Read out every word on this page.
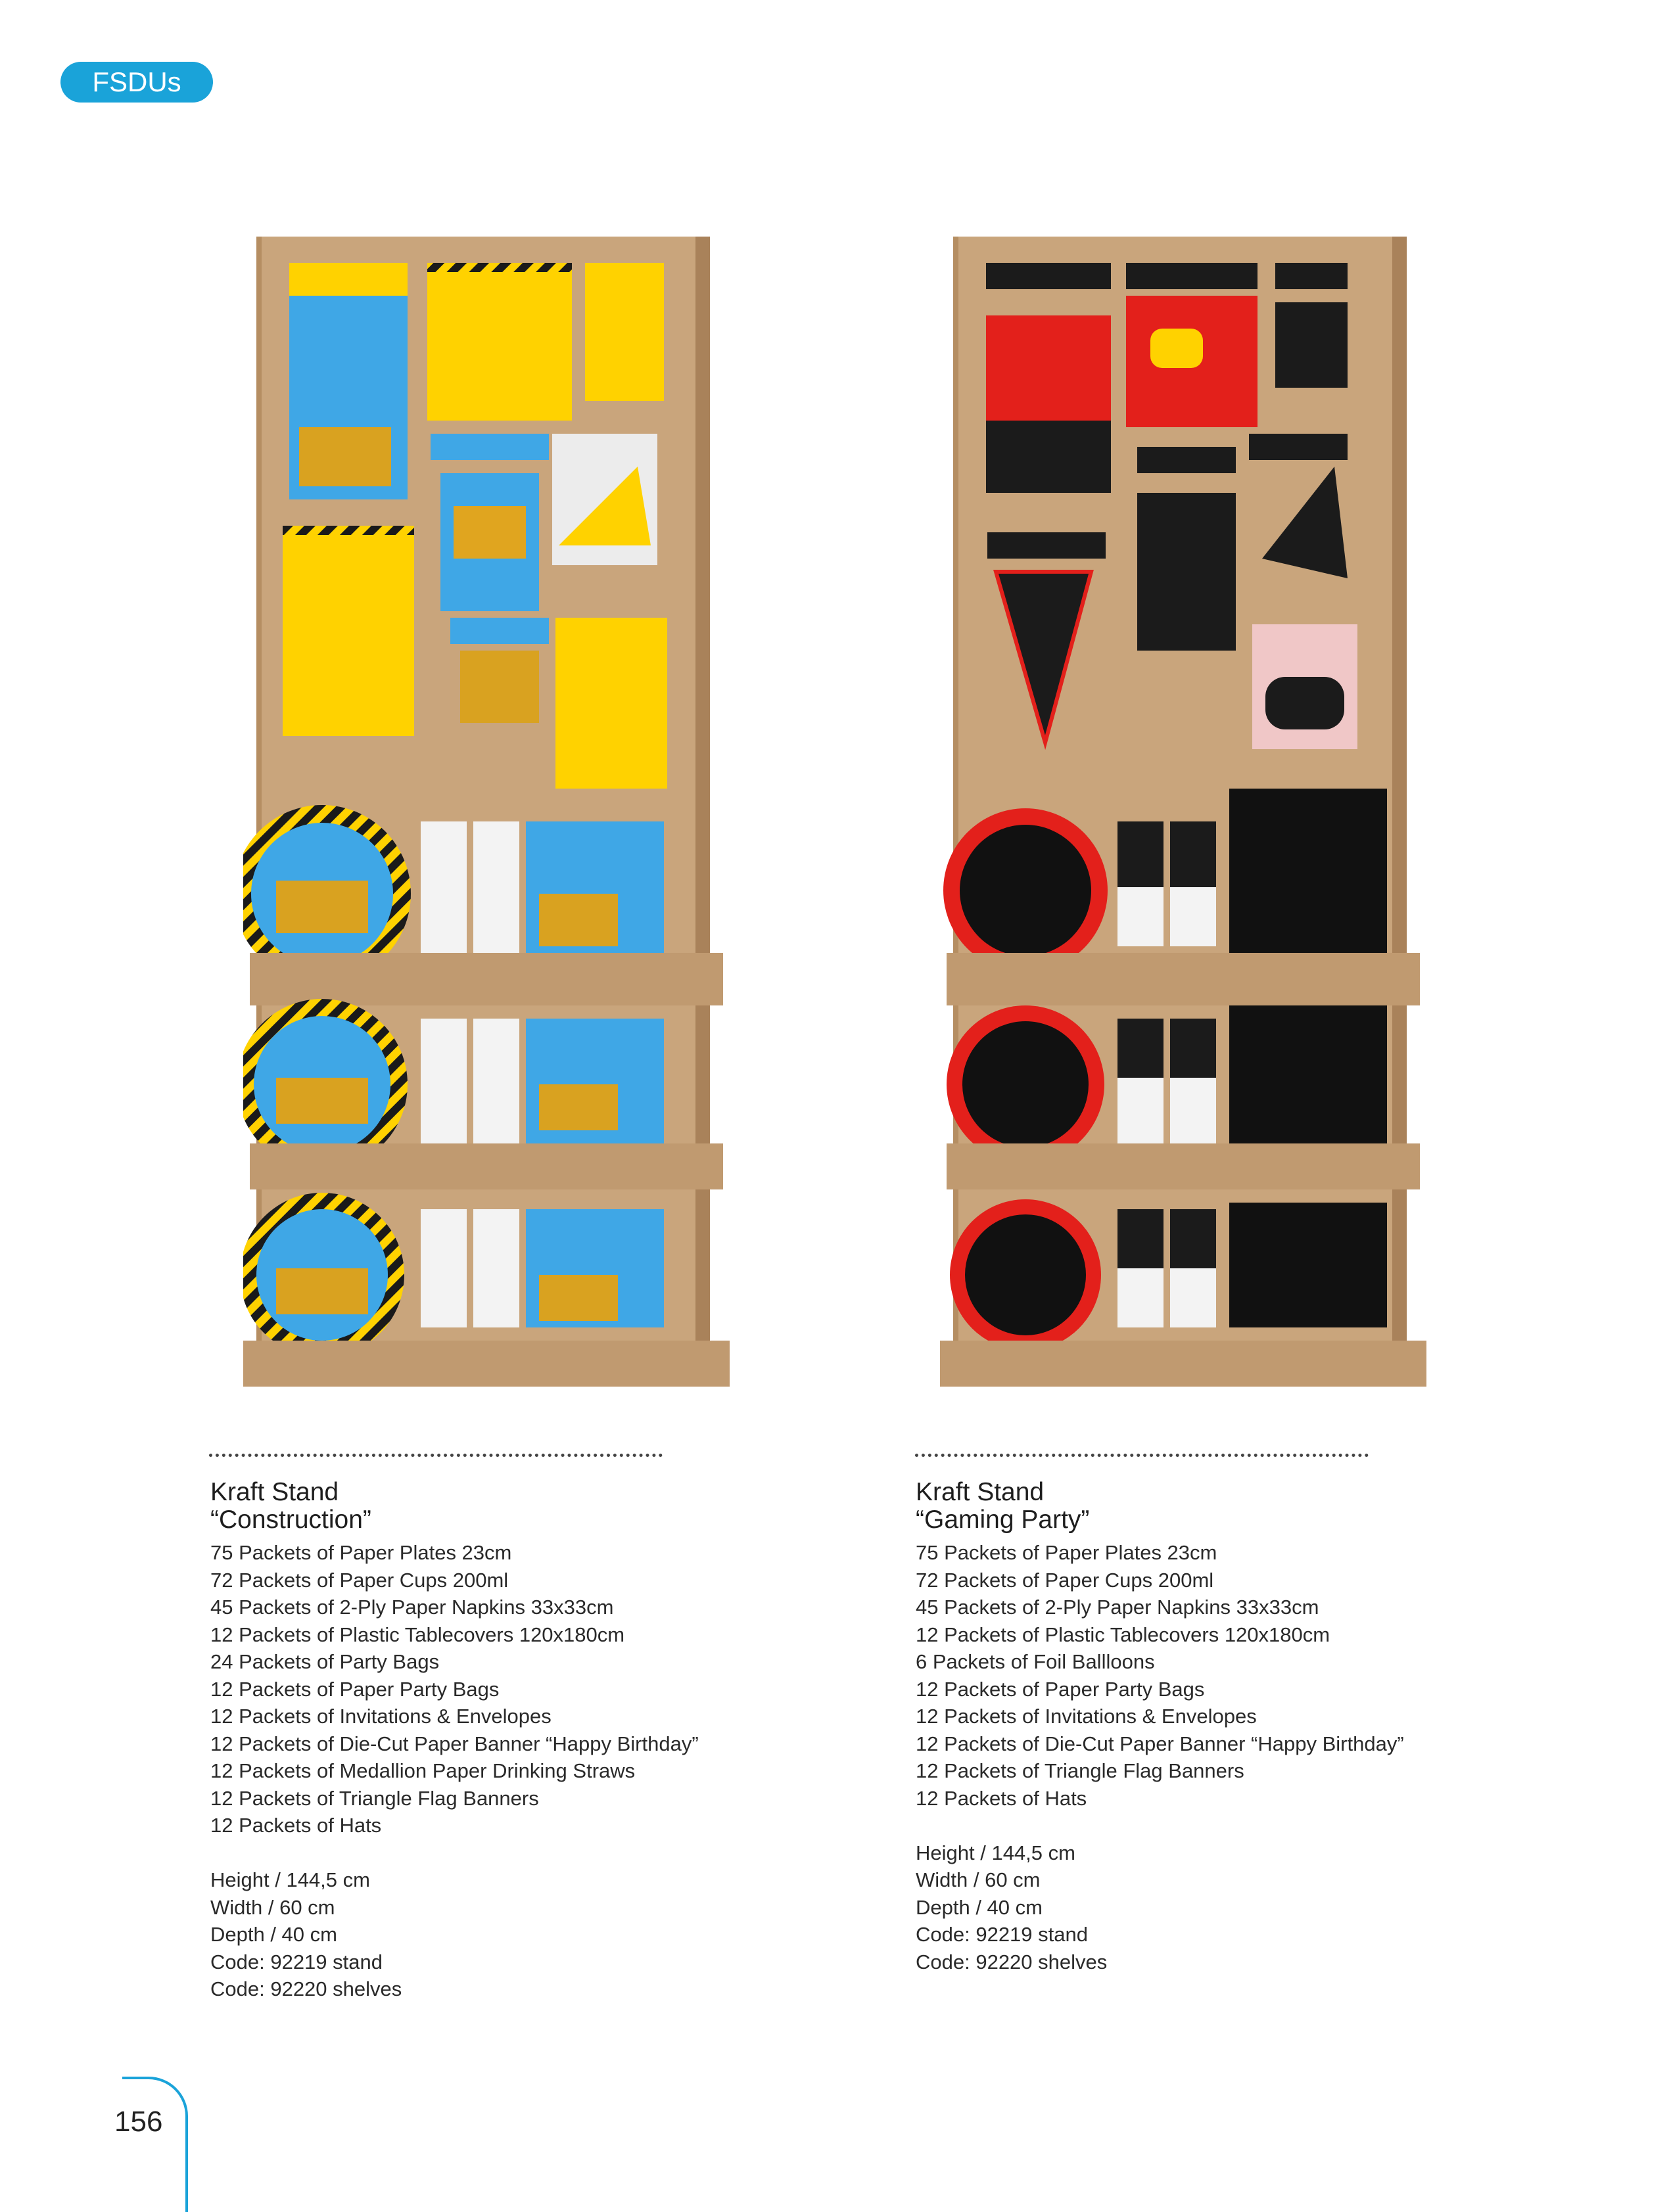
FSDUs
Kraft Stand
“Construction”
75 Packets of Paper Plates 23cm
72 Packets of Paper Cups 200ml
45 Packets of 2-Ply Paper Napkins 33x33cm
12 Packets of Plastic Tablecovers 120x180cm
24 Packets of Party Bags
12 Packets of Paper Party Bags
12 Packets of Invitations & Envelopes
12 Packets of Die-Cut Paper Banner “Happy Birthday”
12 Packets of Medallion Paper Drinking Straws
12 Packets of Triangle Flag Banners
12 Packets of Hats
Height / 144,5 cm
Width / 60 cm
Depth / 40 cm
Code: 92219 stand
Code: 92220 shelves
Kraft Stand
“Gaming Party”
75 Packets of Paper Plates 23cm
72 Packets of Paper Cups 200ml
45 Packets of 2-Ply Paper Napkins 33x33cm
12 Packets of Plastic Tablecovers 120x180cm
6 Packets of Foil Ballloons
12 Packets of Paper Party Bags
12 Packets of Invitations & Envelopes
12 Packets of Die-Cut Paper Banner “Happy Birthday”
12 Packets of Triangle Flag Banners
12 Packets of Hats
Height / 144,5 cm
Width / 60 cm
Depth / 40 cm
Code: 92219 stand
Code: 92220 shelves
156
